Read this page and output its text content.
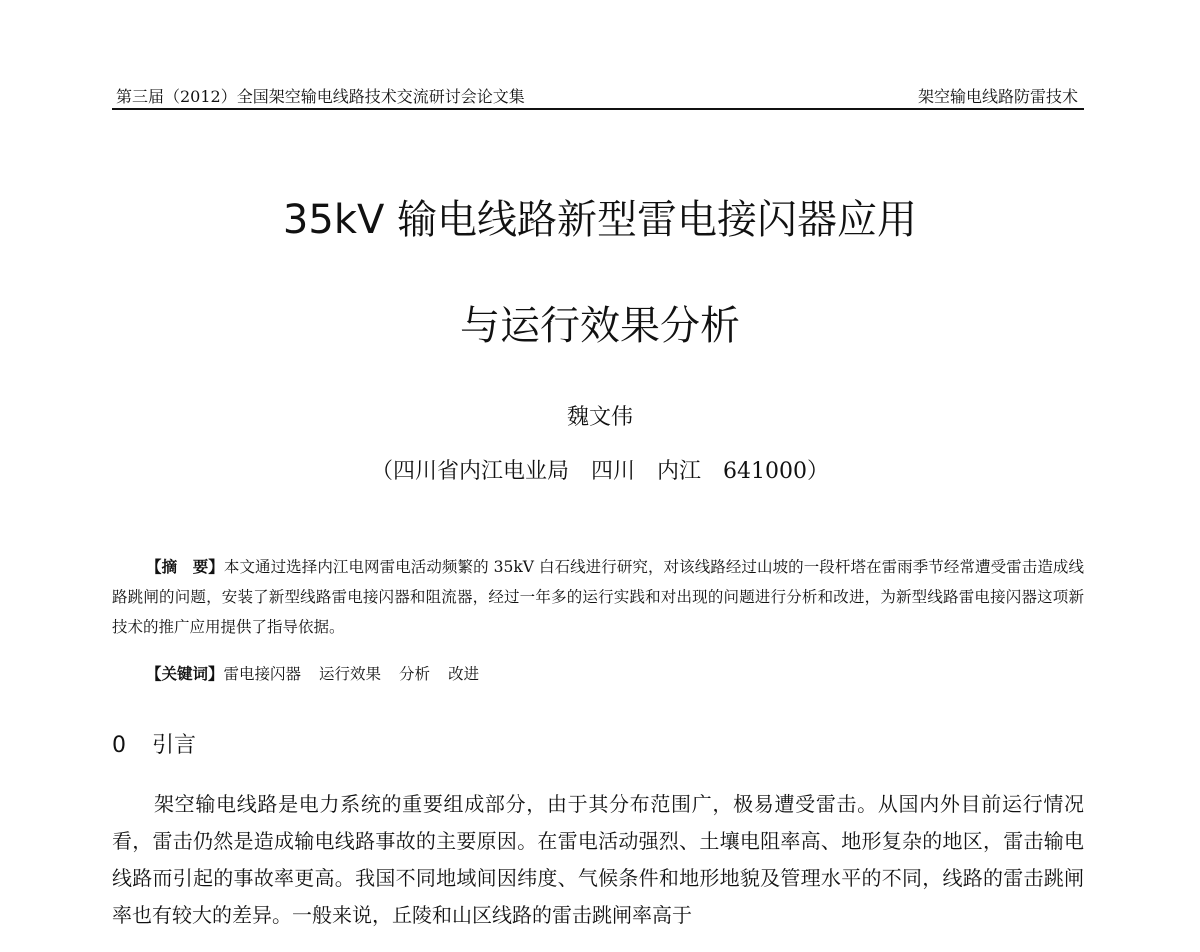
第三届（2012）全国架空输电线路技术交流研讨会论文集	架空输电线路防雷技术
35kV 输电线路新型雷电接闪器应用
与运行效果分析
魏文伟
（四川省内江电业局　四川　内江　641000）

【摘　要】本文通过选择内江电网雷电活动频繁的 35kV 白石线进行研究，对该线路经过山坡的一段杆塔在雷雨季节经常遭受雷击造成线路跳闸的问题，安装了新型线路雷电接闪器和阻流器，经过一年多的运行实践和对出现的问题进行分析和改进，为新型线路雷电接闪器这项新技术的推广应用提供了指导依据。

【关键词】雷电接闪器 运行效果 分析 改进

0 引言

架空输电线路是电力系统的重要组成部分，由于其分布范围广，极易遭受雷击。从国内外目前运行情况看，雷击仍然是造成输电线路事故的主要原因。在雷电活动强烈、土壤电阻率高、地形复杂的地区，雷击输电线路而引起的事故率更高。我国不同地域间因纬度、气候条件和地形地貌及管理水平的不同，线路的雷击跳闸率也有较大的差异。一般来说，丘陵和山区线路的雷击跳闸率高于
